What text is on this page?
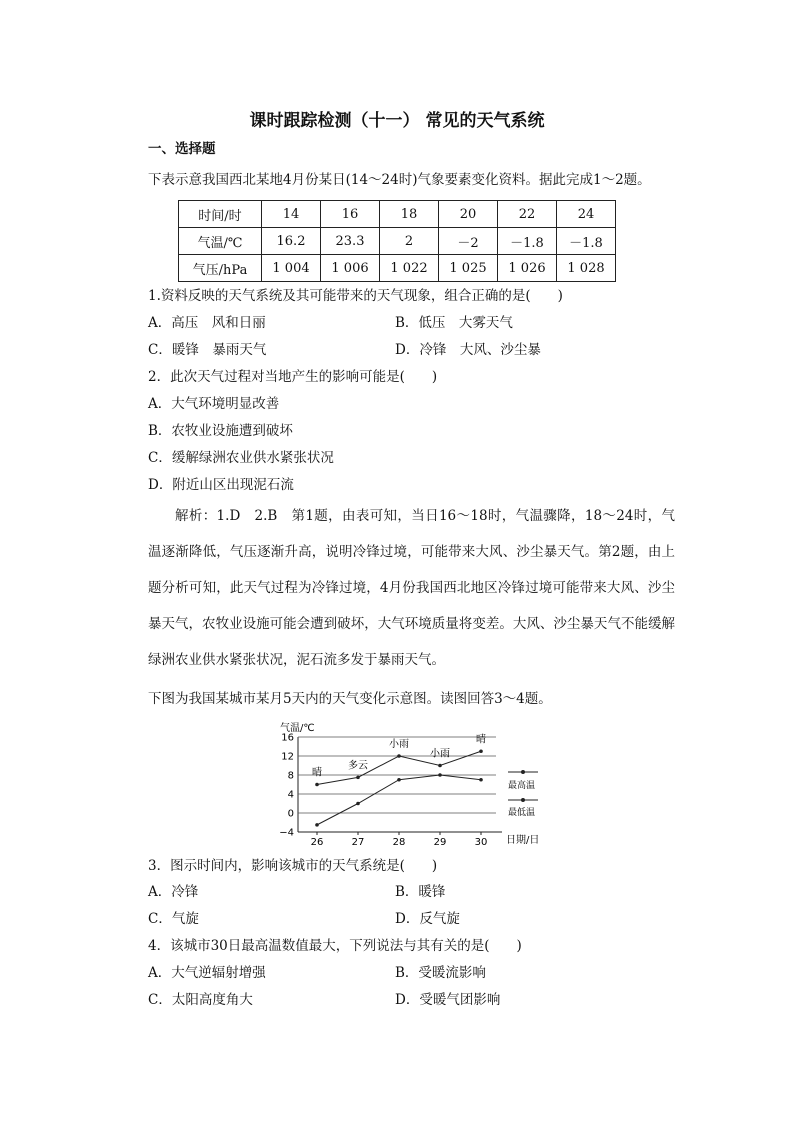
课时跟踪检测（十一） 常见的天气系统
一、选择题
下表示意我国西北某地4月份某日(14～24时)气象要素变化资料。据此完成1～2题。
时间/时	14	16	18	20	22	24
气温/℃	16.2	23.3	2	－2	－1.8	－1.8
气压/hPa	1 004	1 006	1 022	1 025	1 026	1 028
1.资料反映的天气系统及其可能带来的天气现象，组合正确的是(　　)
A．高压　风和日丽	B．低压　大雾天气
C．暖锋　暴雨天气	D．冷锋　大风、沙尘暴
2．此次天气过程对当地产生的影响可能是(　　)
A．大气环境明显改善
B．农牧业设施遭到破坏
C．缓解绿洲农业供水紧张状况
D．附近山区出现泥石流

解析：1.D　2.B　第1题，由表可知，当日16～18时，气温骤降，18～24时，气温逐渐降低，气压逐渐升高，说明冷锋过境，可能带来大风、沙尘暴天气。第2题，由上题分析可知，此天气过程为冷锋过境，4月份我国西北地区冷锋过境可能带来大风、沙尘暴天气，农牧业设施可能会遭到破坏，大气环境质量将变差。大风、沙尘暴天气不能缓解绿洲农业供水紧张状况，泥石流多发于暴雨天气。

下图为我国某城市某月5天内的天气变化示意图。读图回答3～4题。
气温/℃
日期/日
16
12
8
4
0
−4
26	27	28	29	30
晴
多云
小雨
小雨
晴
最高温
最低温
3．图示时间内，影响该城市的天气系统是(　　)
A．冷锋	B．暖锋
C．气旋	D．反气旋
4．该城市30日最高温数值最大，下列说法与其有关的是(　　)
A．大气逆辐射增强	B．受暖流影响
C．太阳高度角大	D．受暖气团影响
